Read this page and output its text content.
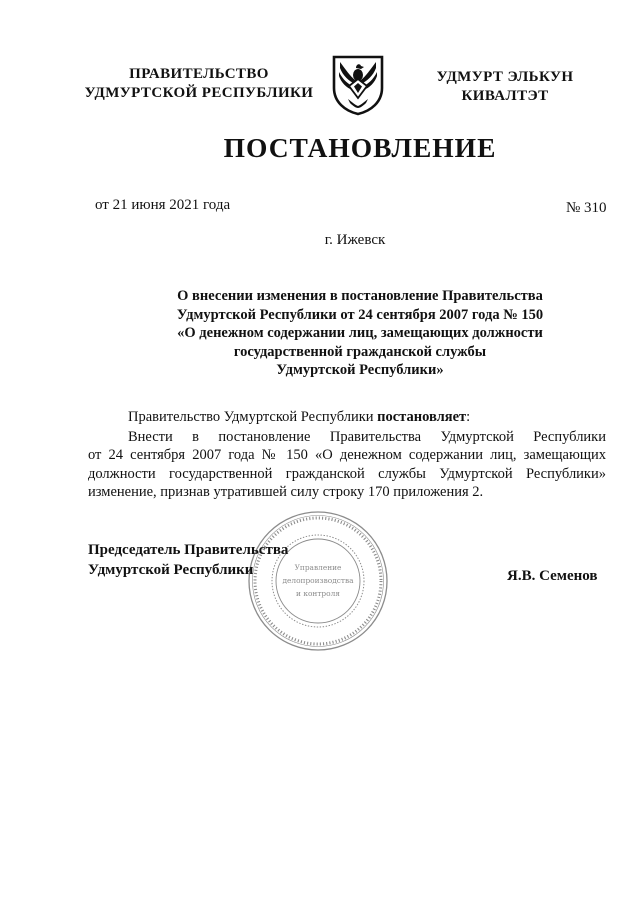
ПРАВИТЕЛЬСТВО
УДМУРТСКОЙ РЕСПУБЛИКИ
УДМУРТ ЭЛЬКУН
КИВАЛТЭТ
ПОСТАНОВЛЕНИЕ
от 21 июня 2021 года	№ 310
г. Ижевск
О внесении изменения в постановление Правительства
Удмуртской Республики от 24 сентября 2007 года № 150
«О денежном содержании лиц, замещающих должности
государственной гражданской службы
Удмуртской Республики»
Правительство Удмуртской Республики постановляет:
Внести в постановление Правительства Удмуртской Республики
от 24 сентября 2007 года № 150 «О денежном содержании лиц, замещающих
должности государственной гражданской службы Удмуртской Республики»
изменение, признав утратившей силу строку 170 приложения 2.
Управление
делопроизводства
и контроля
Председатель Правительства
Удмуртской Республики	Я.В. Семенов
